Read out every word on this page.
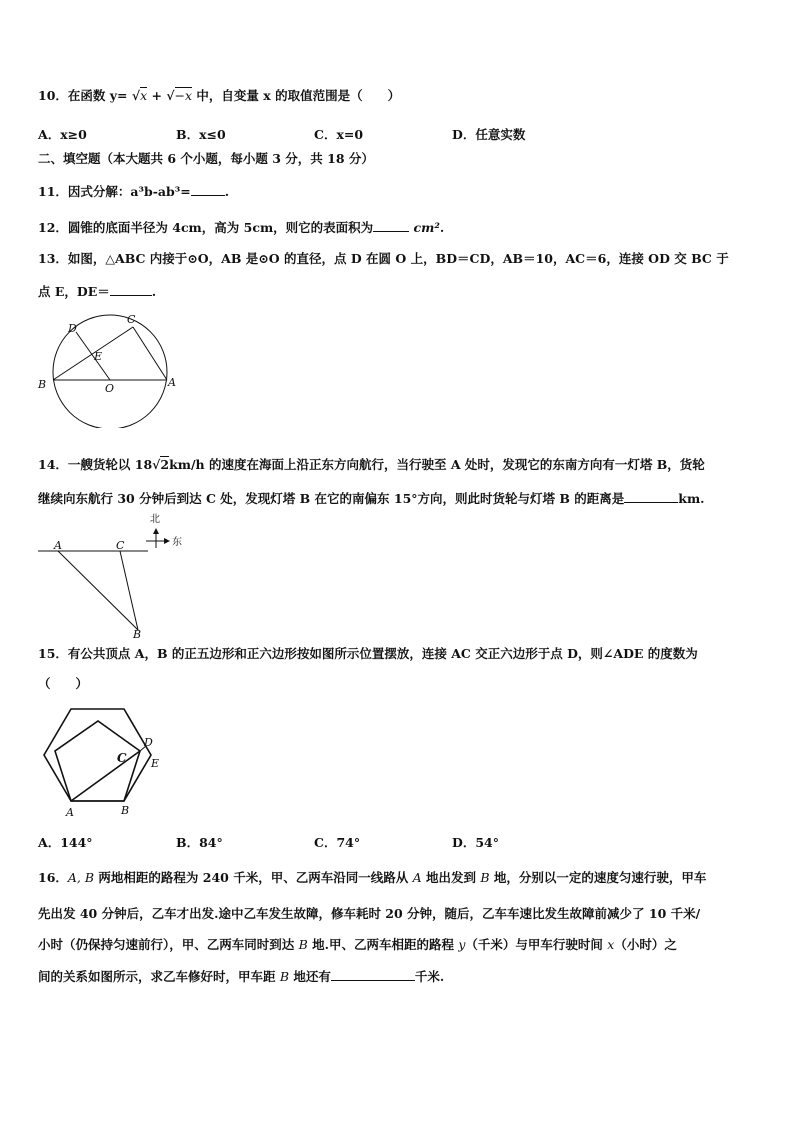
10．在函数 y= √x + √−x 中，自变量 x 的取值范围是（　　）
A．x≥0	B．x≤0	C．x=0	D．任意实数
二、填空题（本大题共 6 个小题，每小题 3 分，共 18 分）
11．因式分解：a³b-ab³=	.
12．圆锥的底面半径为 4cm，高为 5cm，则它的表面积为	cm².
13．如图，△ABC 内接于⊙O，AB 是⊙O 的直径，点 D 在圆 O 上，BD＝CD，AB＝10，AC＝6，连接 OD 交 BC 于
点 E，DE＝	.
D
C
E
B	O	A
14．一艘货轮以 18√2km/h 的速度在海面上沿正东方向航行，当行驶至 A 处时，发现它的东南方向有一灯塔 B，货轮
继续向东航行 30 分钟后到达 C 处，发现灯塔 B 在它的南偏东 15°方向，则此时货轮与灯塔 B 的距离是	km.
A	C
B
北
东
15．有公共顶点 A，B 的正五边形和正六边形按如图所示位置摆放，连接 AC 交正六边形于点 D，则∠ADE 的度数为
（　　）
C
D
E
A	B
A．144°	B．84°	C．74°	D．54°
16．A, B 两地相距的路程为 240 千米，甲、乙两车沿同一线路从 A 地出发到 B 地，分别以一定的速度匀速行驶，甲车
先出发 40 分钟后，乙车才出发.途中乙车发生故障，修车耗时 20 分钟，随后，乙车车速比发生故障前减少了 10 千米/
小时（仍保持匀速前行），甲、乙两车同时到达 B 地.甲、乙两车相距的路程 y（千米）与甲车行驶时间 x（小时）之
间的关系如图所示，求乙车修好时，甲车距 B 地还有	千米.
